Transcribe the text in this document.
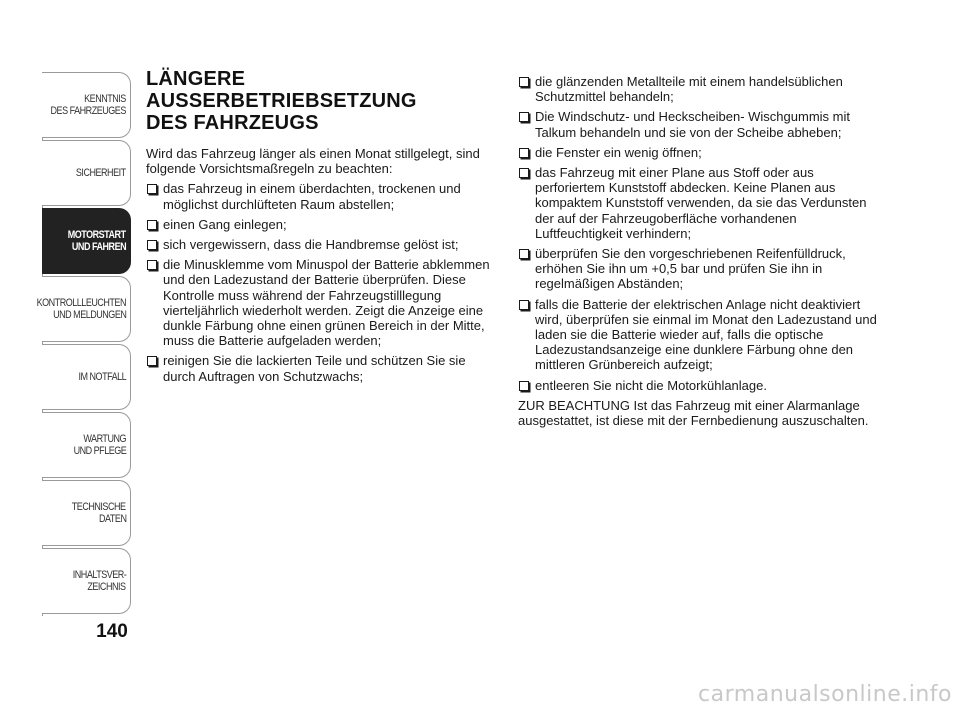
KENNTNIS
DES FAHRZEUGES
SICHERHEIT
MOTORSTART
UND FAHREN
KONTROLLLEUCHTEN
UND MELDUNGEN
IM NOTFALL
WARTUNG
UND PFLEGE
TECHNISCHE
DATEN
INHALTSVER-
ZEICHNIS
140
LÄNGERE AUSSERBETRIEBSETZUNG
DES FAHRZEUGS

Wird das Fahrzeug länger als einen Monat stillgelegt, sind folgende Vorsichtsmaßregeln zu beachten:

das Fahrzeug in einem überdachten, trockenen und möglichst durchlüfteten Raum abstellen;
einen Gang einlegen;
sich vergewissern, dass die Handbremse gelöst ist;
die Minusklemme vom Minuspol der Batterie abklemmen und den Ladezustand der Batterie überprüfen. Diese Kontrolle muss während der Fahrzeugstilllegung vierteljährlich wiederholt werden. Zeigt die Anzeige eine dunkle Färbung ohne einen grünen Bereich in der Mitte, muss die Batterie aufgeladen werden;
reinigen Sie die lackierten Teile und schützen Sie sie durch Auftragen von Schutzwachs;
die glänzenden Metallteile mit einem handelsüblichen Schutzmittel behandeln;
Die Windschutz- und Heckscheiben- Wischgummis mit Talkum behandeln und sie von der Scheibe abheben;
die Fenster ein wenig öffnen;
das Fahrzeug mit einer Plane aus Stoff oder aus perforiertem Kunststoff abdecken. Keine Planen aus kompaktem Kunststoff verwenden, da sie das Verdunsten der auf der Fahrzeugoberfläche vorhandenen Luftfeuchtigkeit verhindern;
überprüfen Sie den vorgeschriebenen Reifenfülldruck, erhöhen Sie ihn um +0,5 bar und prüfen Sie ihn in regelmäßigen Abständen;
falls die Batterie der elektrischen Anlage nicht deaktiviert wird, überprüfen sie einmal im Monat den Ladezustand und laden sie die Batterie wieder auf, falls die optische Ladezustandsanzeige eine dunklere Färbung ohne den mittleren Grünbereich aufzeigt;
entleeren Sie nicht die Motorkühlanlage.

ZUR BEACHTUNG Ist das Fahrzeug mit einer Alarmanlage ausgestattet, ist diese mit der Fernbedienung auszuschalten.

carmanualsonline.info
